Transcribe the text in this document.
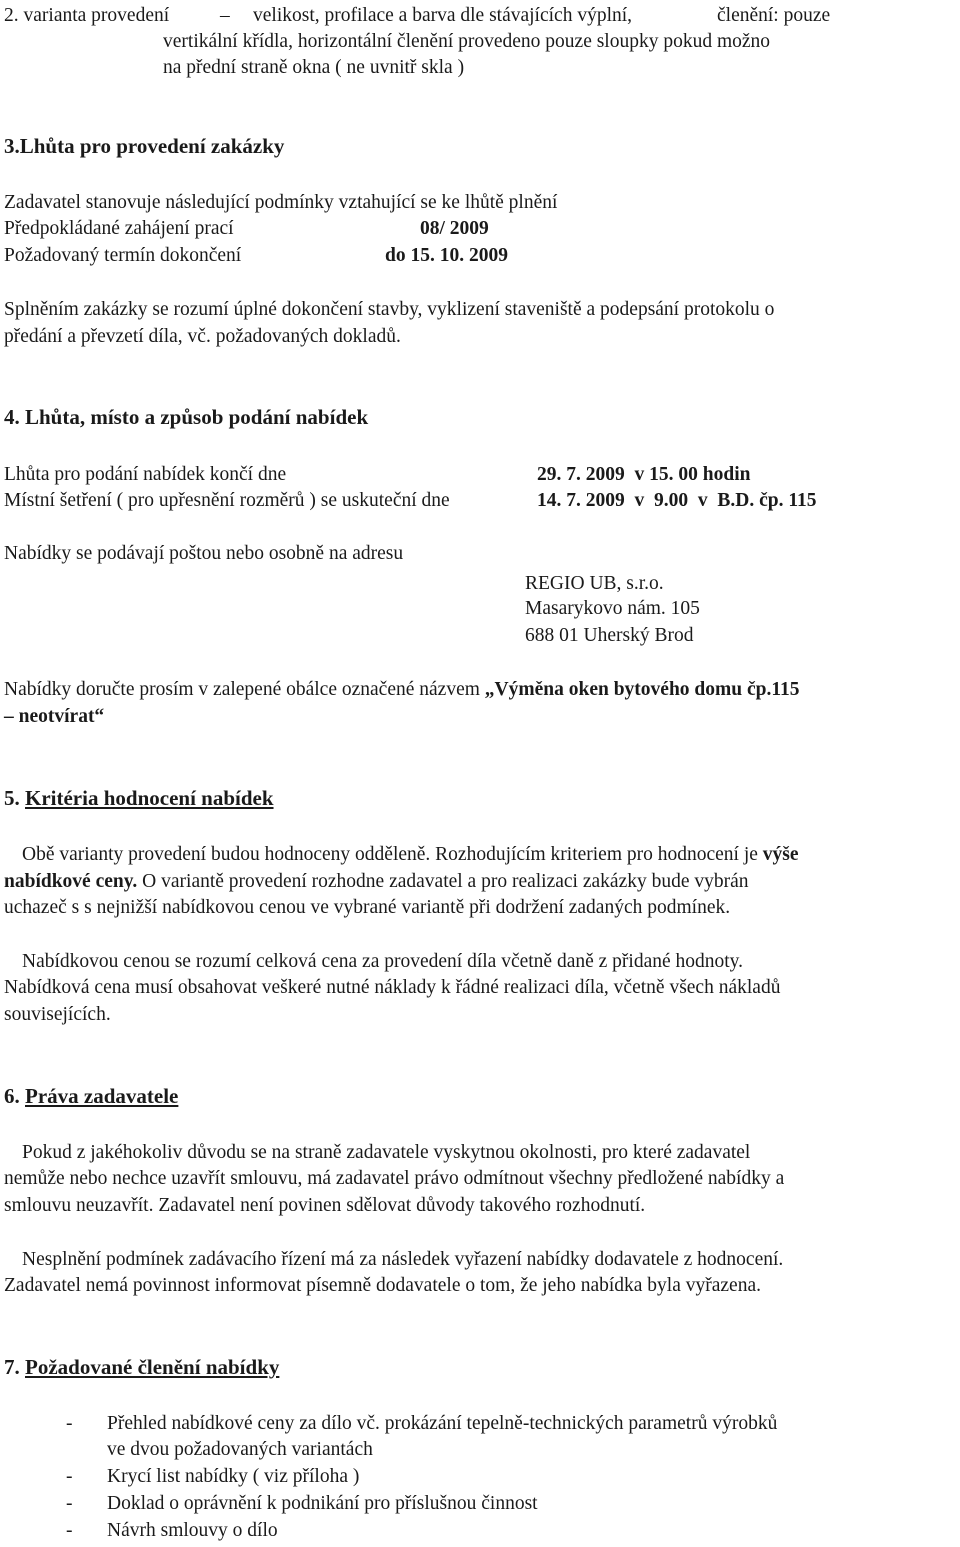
2. varianta provedení	– velikost, profilace a barva dle stávajících výplní,	členění: pouze
vertikální křídla, horizontální členění provedeno pouze sloupky pokud možno
na přední straně okna ( ne uvnitř skla )
3.Lhůta pro provedení zakázky
Zadavatel stanovuje následující podmínky vztahující se ke lhůtě plnění
Předpokládané zahájení prací	08/ 2009
Požadovaný termín dokončení	do 15. 10. 2009
Splněním zakázky se rozumí úplné dokončení stavby, vyklizení staveniště a podepsání protokolu o
předání a převzetí díla, vč. požadovaných dokladů.
4. Lhůta, místo a způsob podání nabídek
Lhůta pro podání nabídek končí dne	29. 7. 2009  v 15. 00 hodin
Místní šetření ( pro upřesnění rozměrů ) se uskuteční dne	14. 7. 2009  v  9.00  v  B.D. čp. 115
Nabídky se podávají poštou nebo osobně na adresu
REGIO UB, s.r.o.
Masarykovo nám. 105
688 01 Uherský Brod
Nabídky doručte prosím v zalepené obálce označené názvem „Výměna oken bytového domu čp.115
– neotvírat“
5. Kritéria hodnocení nabídek
Obě varianty provedení budou hodnoceny odděleně. Rozhodujícím kriteriem pro hodnocení je výše
nabídkové ceny. O variantě provedení rozhodne zadavatel a pro realizaci zakázky bude vybrán
uchazeč s s nejnižší nabídkovou cenou ve vybrané variantě při dodržení zadaných podmínek.
Nabídkovou cenou se rozumí celková cena za provedení díla včetně daně z přidané hodnoty.
Nabídková cena musí obsahovat veškeré nutné náklady k řádné realizaci díla, včetně všech nákladů
souvisejících.
6. Práva zadavatele
Pokud z jakéhokoliv důvodu se na straně zadavatele vyskytnou okolnosti, pro které zadavatel
nemůže nebo nechce uzavřít smlouvu, má zadavatel právo odmítnout všechny předložené nabídky a
smlouvu neuzavřít. Zadavatel není povinen sdělovat důvody takového rozhodnutí.
Nesplnění podmínek zadávacího řízení má za následek vyřazení nabídky dodavatele z hodnocení.
Zadavatel nemá povinnost informovat písemně dodavatele o tom, že jeho nabídka byla vyřazena.
7. Požadované členění nabídky
- Přehled nabídkové ceny za dílo vč. prokázání tepelně-technických parametrů výrobků
ve dvou požadovaných variantách
- Krycí list nabídky ( viz příloha )
- Doklad o oprávnění k podnikání pro příslušnou činnost
- Návrh smlouvy o dílo
